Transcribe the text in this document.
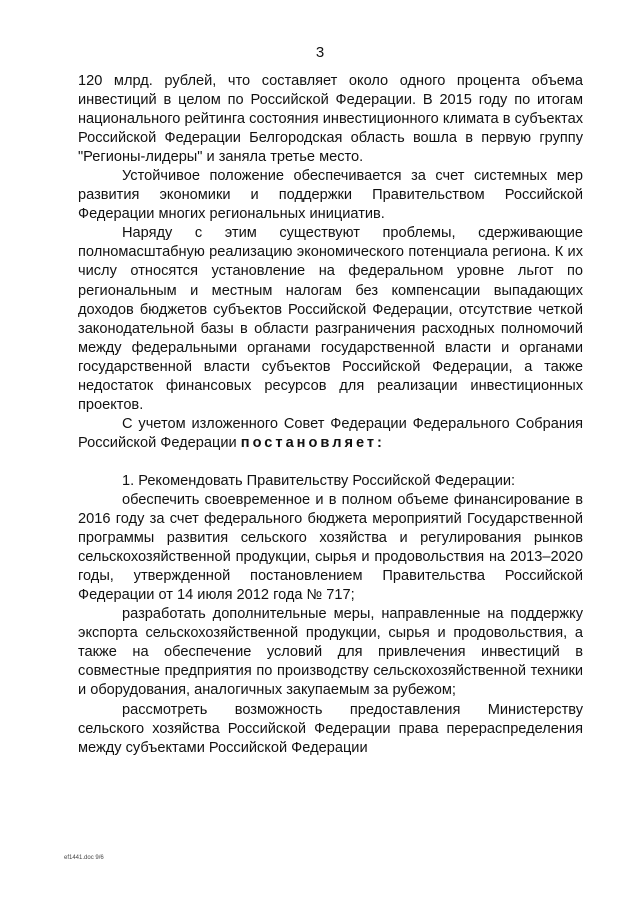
3

120 млрд. рублей, что составляет около одного процента объема инвестиций в целом по Российской Федерации. В 2015 году по итогам национального рейтинга состояния инвестиционного климата в субъектах Российской Федерации Белгородская область вошла в первую группу "Регионы-лидеры" и заняла третье место.

Устойчивое положение обеспечивается за счет системных мер развития экономики и поддержки Правительством Российской Федерации многих региональных инициатив.

Наряду с этим существуют проблемы, сдерживающие полномасштабную реализацию экономического потенциала региона. К их числу относятся установление на федеральном уровне льгот по региональным и местным налогам без компенсации выпадающих доходов бюджетов субъектов Российской Федерации, отсутствие четкой законодательной базы в области разграничения расходных полномочий между федеральными органами государственной власти и органами государственной власти субъектов Российской Федерации, а также недостаток финансовых ресурсов для реализации инвестиционных проектов.

С учетом изложенного Совет Федерации Федерального Собрания Российской Федерации постановляет:

1. Рекомендовать Правительству Российской Федерации:

обеспечить своевременное и в полном объеме финансирование в 2016 году за счет федерального бюджета мероприятий Государственной программы развития сельского хозяйства и регулирования рынков сельскохозяйственной продукции, сырья и продовольствия на 2013–2020 годы, утвержденной постановлением Правительства Российской Федерации от 14 июля 2012 года № 717;

разработать дополнительные меры, направленные на поддержку экспорта сельскохозяйственной продукции, сырья и продовольствия, а также на обеспечение условий для привлечения инвестиций в совместные предприятия по производству сельскохозяйственной техники и оборудования, аналогичных закупаемым за рубежом;

рассмотреть возможность предоставления Министерству сельского хозяйства Российской Федерации права перераспределения между субъектами Российской Федерации

ef1441.doc 9/6
